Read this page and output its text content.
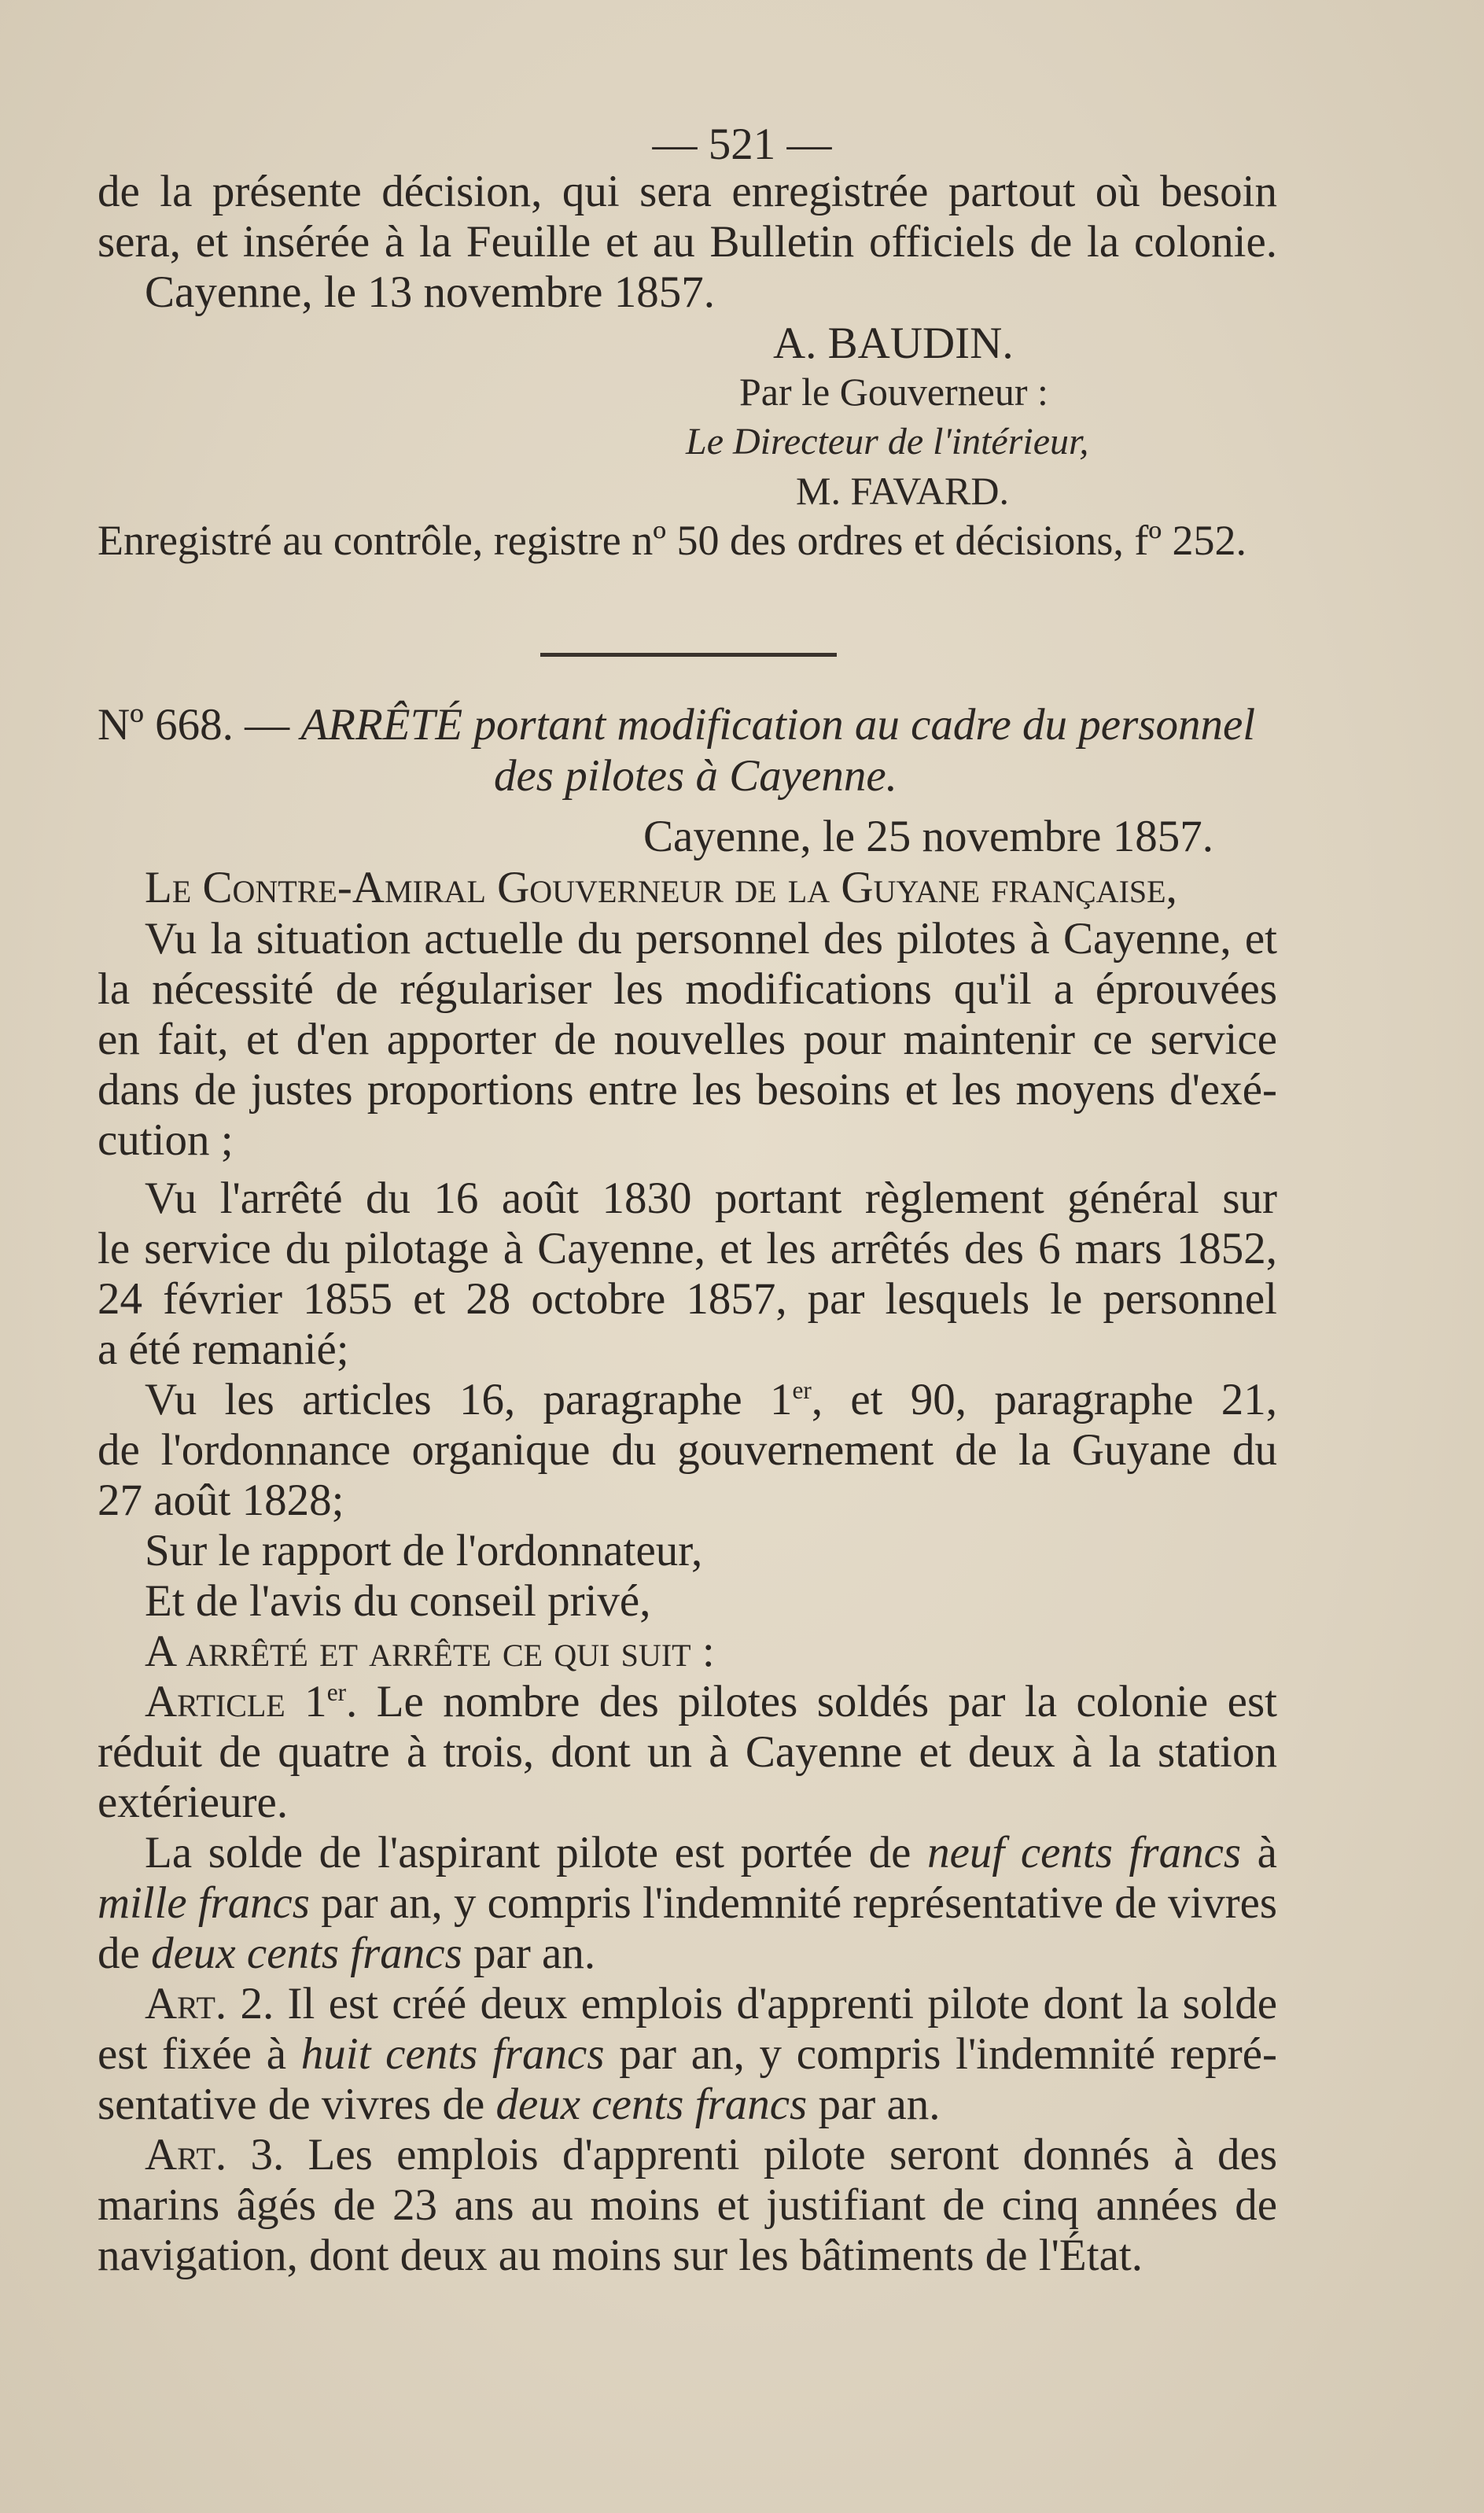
— 521 —
de la présente décision, qui sera enregistrée partout où besoin
sera, et insérée à la Feuille et au Bulletin officiels de la colonie.
Cayenne, le 13 novembre 1857.
A. BAUDIN.
Par le Gouverneur :
Le Directeur de l'intérieur,
M. FAVARD.
Enregistré au contrôle, registre nº 50 des ordres et décisions, fº 252.
Nº 668. — ARRÊTÉ portant modification au cadre du personnel
des pilotes à Cayenne.
Cayenne, le 25 novembre 1857.
Le Contre-Amiral Gouverneur de la Guyane française,
Vu la situation actuelle du personnel des pilotes à Cayenne, et
la nécessité de régulariser les modifications qu'il a éprouvées
en fait, et d'en apporter de nouvelles pour maintenir ce service
dans de justes proportions entre les besoins et les moyens d'exé-
cution ;
Vu l'arrêté du 16 août 1830 portant règlement général sur
le service du pilotage à Cayenne, et les arrêtés des 6 mars 1852,
24 février 1855 et 28 octobre 1857, par lesquels le personnel
a été remanié;
Vu les articles 16, paragraphe 1er, et 90, paragraphe 21,
de l'ordonnance organique du gouvernement de la Guyane du
27 août 1828;
Sur le rapport de l'ordonnateur,
Et de l'avis du conseil privé,
A arrêté et arrête ce qui suit :
Article 1er. Le nombre des pilotes soldés par la colonie est
réduit de quatre à trois, dont un à Cayenne et deux à la station
extérieure.
La solde de l'aspirant pilote est portée de neuf cents francs à
mille francs par an, y compris l'indemnité représentative de vivres
de deux cents francs par an.
Art. 2. Il est créé deux emplois d'apprenti pilote dont la solde
est fixée à huit cents francs par an, y compris l'indemnité repré-
sentative de vivres de deux cents francs par an.
Art. 3. Les emplois d'apprenti pilote seront donnés à des
marins âgés de 23 ans au moins et justifiant de cinq années de
navigation, dont deux au moins sur les bâtiments de l'État.
